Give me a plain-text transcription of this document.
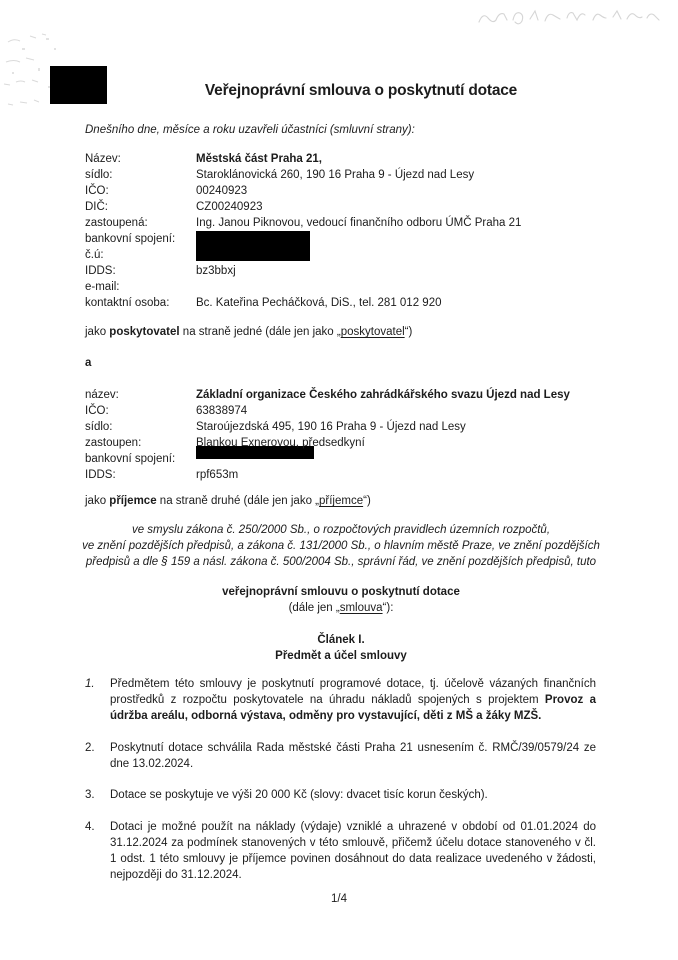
Veřejnoprávní smlouva o poskytnutí dotace
Dnešního dne, měsíce a roku uzavřeli účastníci (smluvní strany):
Název:	Městská část Praha 21,
sídlo:	Staroklánovická 260, 190 16 Praha 9 - Újezd nad Lesy
IČO:	00240923
DIČ:	CZ00240923
zastoupená:	Ing. Janou Piknovou, vedoucí finančního odboru ÚMČ Praha 21
bankovní spojení:
č.ú:
IDDS:	bz3bbxj
e-mail:
kontaktní osoba:	Bc. Kateřina Pecháčková, DiS., tel. 281 012 920
jako poskytovatel na straně jedné (dále jen jako „poskytovatel“)
a
název:	Základní organizace Českého zahrádkářského svazu Újezd nad Lesy
IČO:	63838974
sídlo:	Staroújezdská 495, 190 16 Praha 9 - Újezd nad Lesy
zastoupen:	Blankou Exnerovou, předsedkyní
bankovní spojení:
IDDS:	rpf653m
jako příjemce na straně druhé (dále jen jako „příjemce“)
ve smyslu zákona č. 250/2000 Sb., o rozpočtových pravidlech územních rozpočtů,
ve znění pozdějších předpisů, a zákona č. 131/2000 Sb., o hlavním městě Praze, ve znění pozdějších
předpisů a dle § 159 a násl. zákona č. 500/2004 Sb., správní řád, ve znění pozdějších předpisů, tuto
veřejnoprávní smlouvu o poskytnutí dotace
(dále jen „smlouva“):
Článek I.
Předmět a účel smlouvy
1.	Předmětem této smlouvy je poskytnutí programové dotace, tj. účelově vázaných finančních prostředků z rozpočtu poskytovatele na úhradu nákladů spojených s projektem Provoz a údržba areálu, odborná výstava, odměny pro vystavující, děti z MŠ a žáky MZŠ.
2.	Poskytnutí dotace schválila Rada městské části Praha 21 usnesením č. RMČ/39/0579/24 ze dne 13.02.2024.
3.	Dotace se poskytuje ve výši 20 000 Kč (slovy: dvacet tisíc korun českých).
4.	Dotaci je možné použít na náklady (výdaje) vzniklé a uhrazené v období od 01.01.2024 do 31.12.2024 za podmínek stanovených v této smlouvě, přičemž účelu dotace stanoveného v čl. 1 odst. 1 této smlouvy je příjemce povinen dosáhnout do data realizace uvedeného v žádosti, nejpozději do 31.12.2024.
1/4
